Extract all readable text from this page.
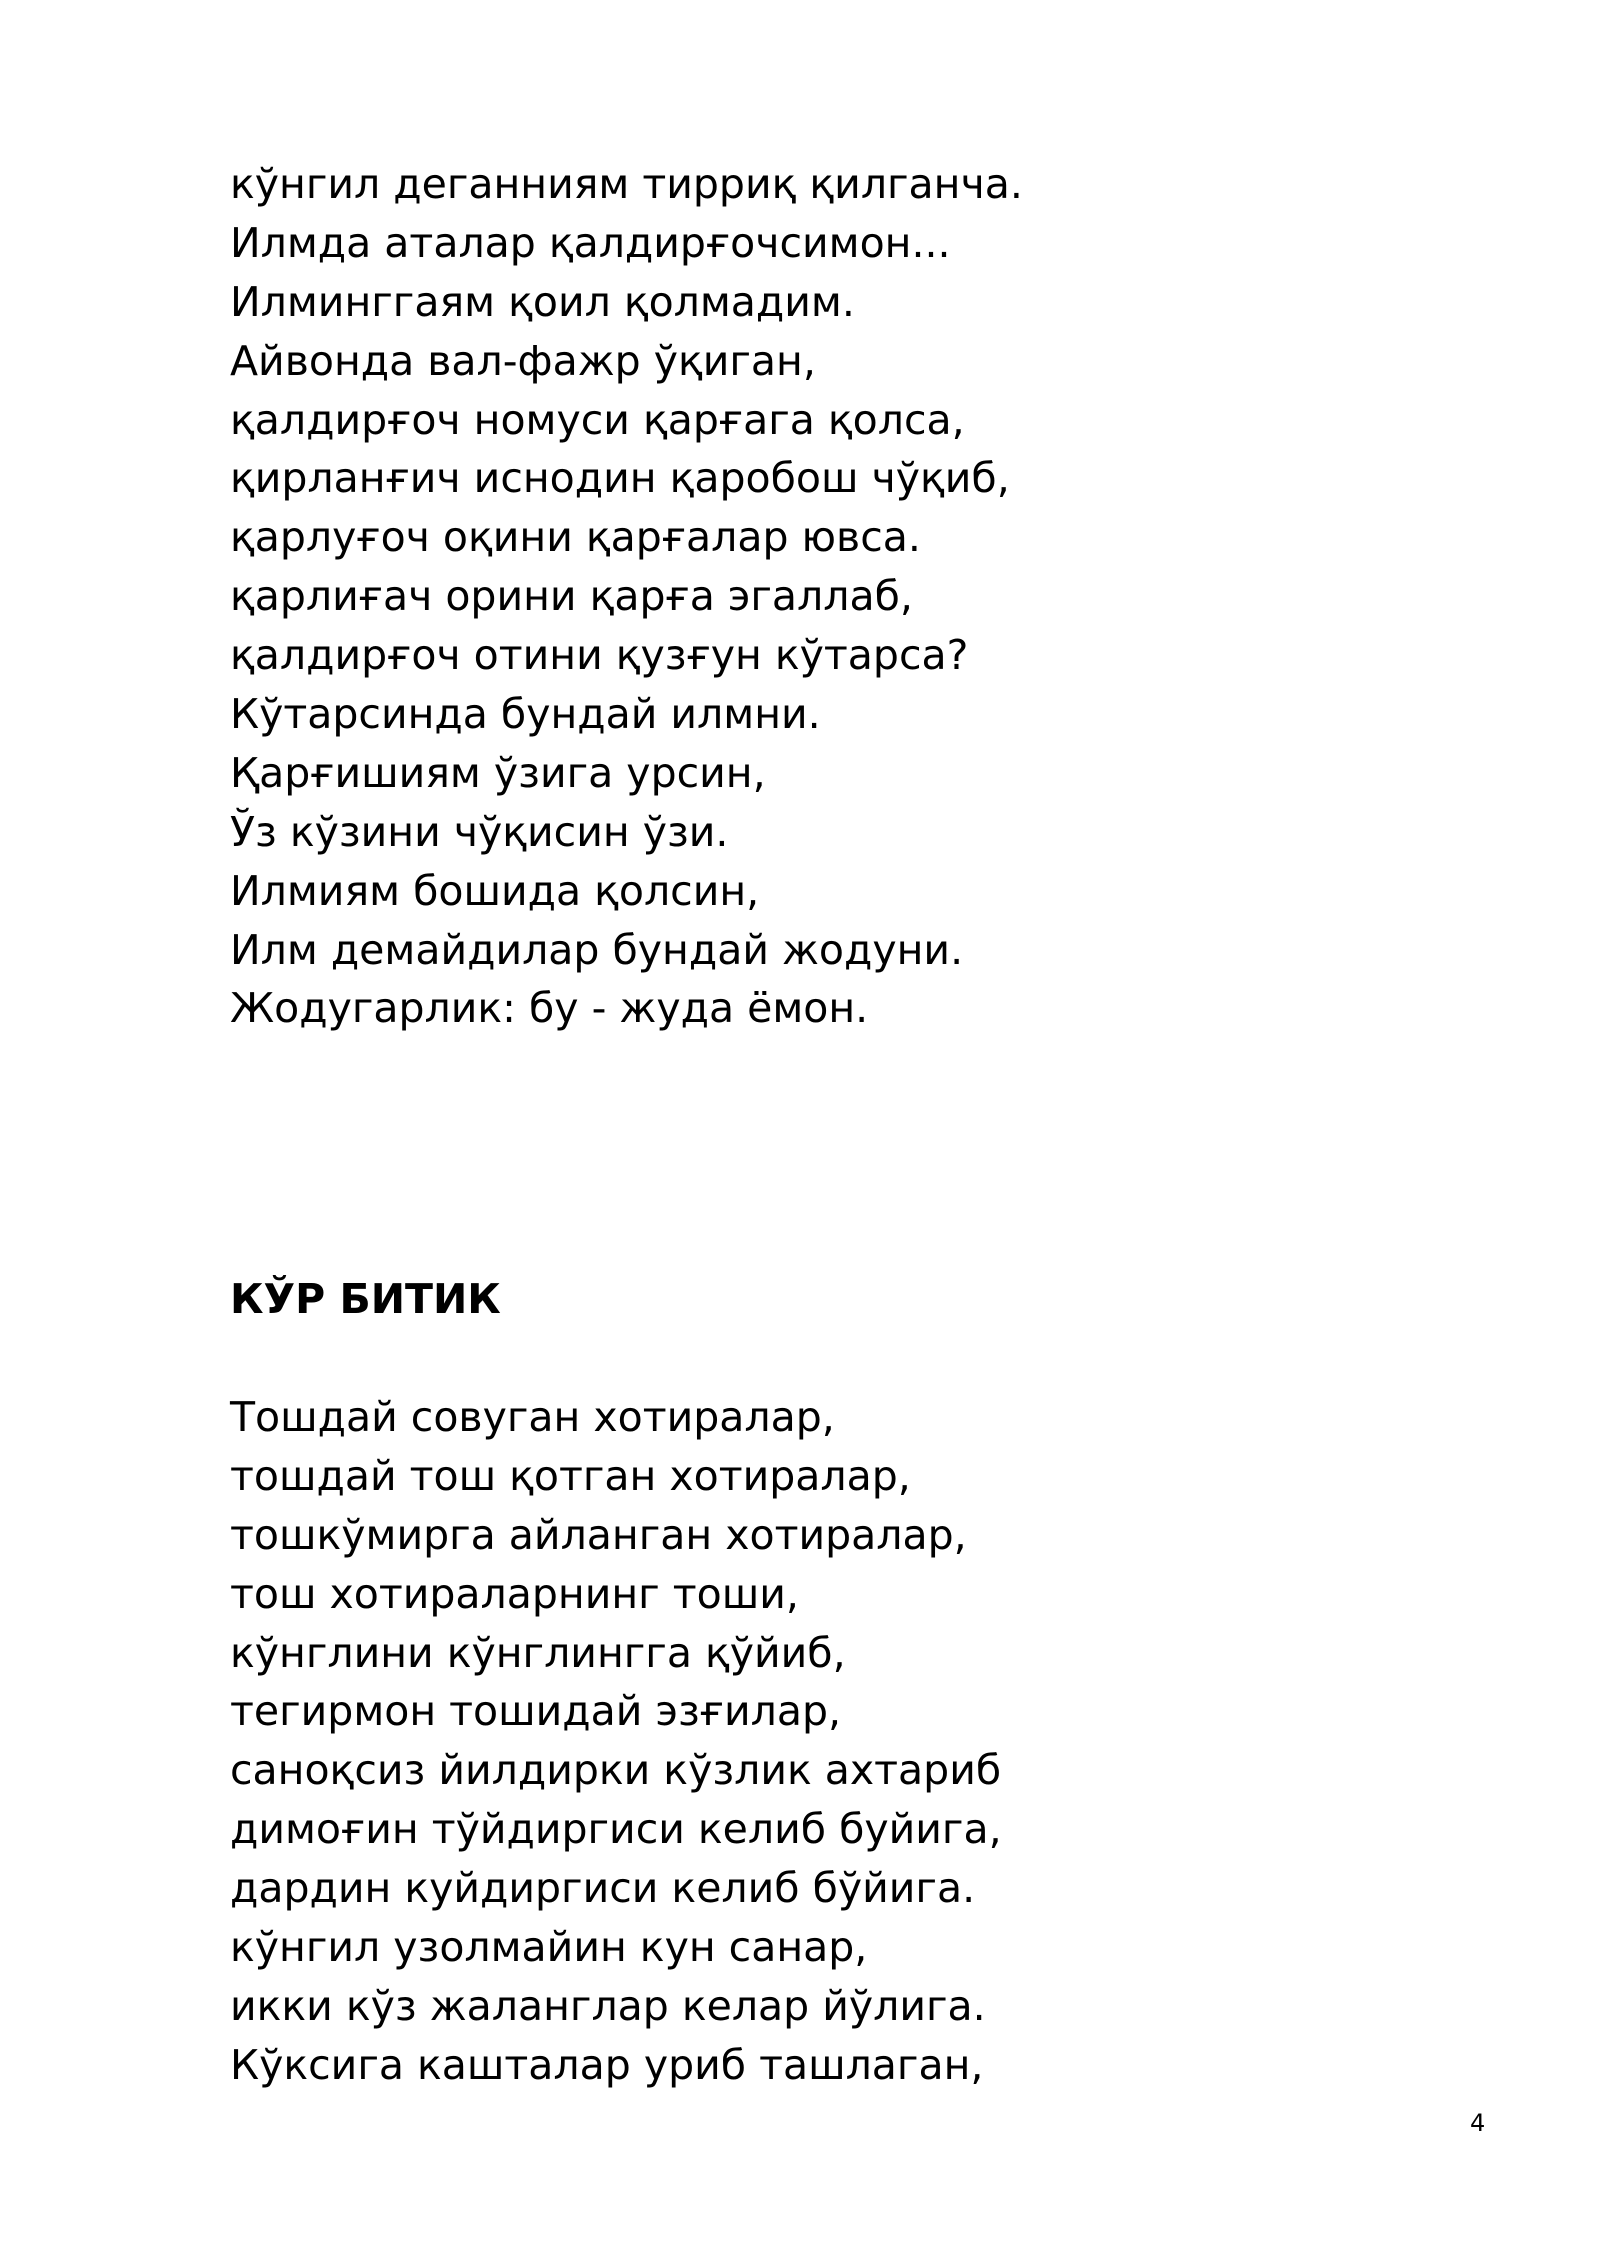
кўнгил деганниям тирриқ қилганча.
Илмда аталар қалдирғочсимон...
Илминггаям қоил қолмадим.
Айвонда вал-фажр ўқиган,
қалдирғоч номуси қарғага қолса,
қирланғич иснодин қаробош чўқиб,
қарлуғоч оқини қарғалар ювса.
қарлиғач орини қарға эгаллаб,
қалдирғоч отини қузғун кўтарса?
Кўтарсинда бундай илмни.
Қарғишиям ўзига урсин,
Ўз кўзини чўқисин ўзи.
Илмиям бошида қолсин,
Илм демайдилар бундай жодуни.
Жодугарлик: бу - жуда ёмон.
КЎР БИТИК
Тошдай совуган хотиралар,
тошдай тош қотган хотиралар,
тошкўмирга айланган хотиралар,
тош хотираларнинг тоши,
кўнглини кўнглингга қўйиб,
тегирмон тошидай эзғилар,
саноқсиз йилдирки кўзлик ахтариб
димоғин тўйдиргиси келиб буйига,
дардин куйдиргиси келиб бўйига.
кўнгил узолмайин кун санар,
икки кўз жаланглар келар йўлига.
Кўксига кашталар уриб ташлаган,
4
